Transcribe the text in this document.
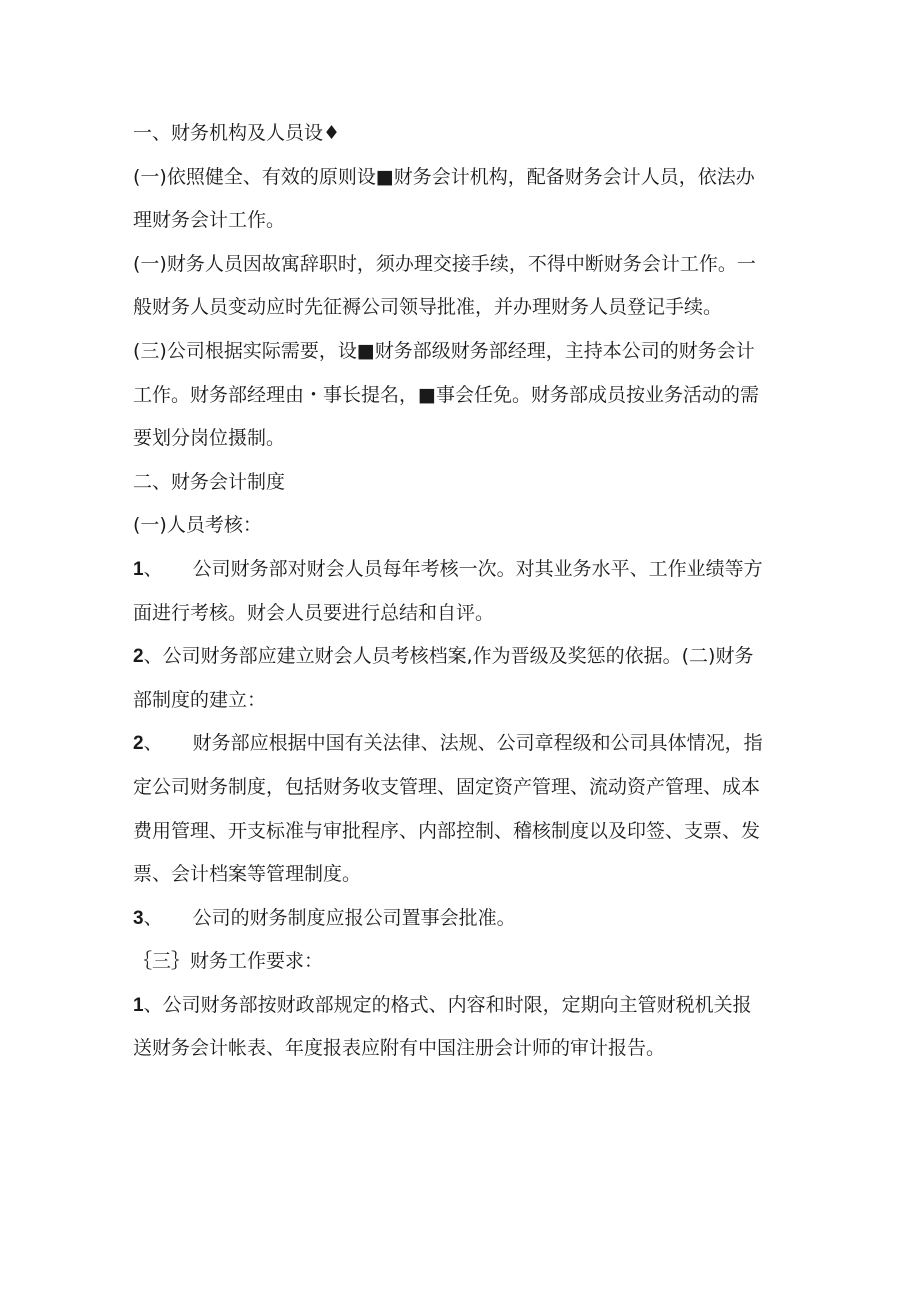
一、财务机构及人员设♦
(一)依照健全、有效的原则设■财务会计机构，配备财务会计人员，依法办
理财务会计工作。
(一)财务人员因故寓辞职时，须办理交接手续，不得中断财务会计工作。一
般财务人员变动应时先征褥公司领导批准，并办理财务人员登记手续。
(三)公司根据实际需要，设■财务部级财务部经理，主持本公司的财务会计
工作。财务部经理由・事长提名，■事会任免。财务部成员按业务活动的需
要划分岗位摄制。
二、财务会计制度
(一)人员考核：
1、 公司财务部对财会人员每年考核一次。对其业务水平、工作业绩等方
面进行考核。财会人员要进行总结和自评。
2、公司财务部应建立财会人员考核档案,作为晋级及奖惩的依据。(二)财务
部制度的建立：
2、 财务部应根据中国有关法律、法规、公司章程级和公司具体情况，指
定公司财务制度，包括财务收支管理、固定资产管理、流动资产管理、成本
费用管理、开支标准与审批程序、内部控制、稽核制度以及印签、支票、发
票、会计档案等管理制度。
3、 公司的财务制度应报公司置事会批准。
｛三｝财务工作要求：
1、公司财务部按财政部规定的格式、内容和时限，定期向主管财税机关报
送财务会计帐表、年度报表应附有中国注册会计师的审计报告。
